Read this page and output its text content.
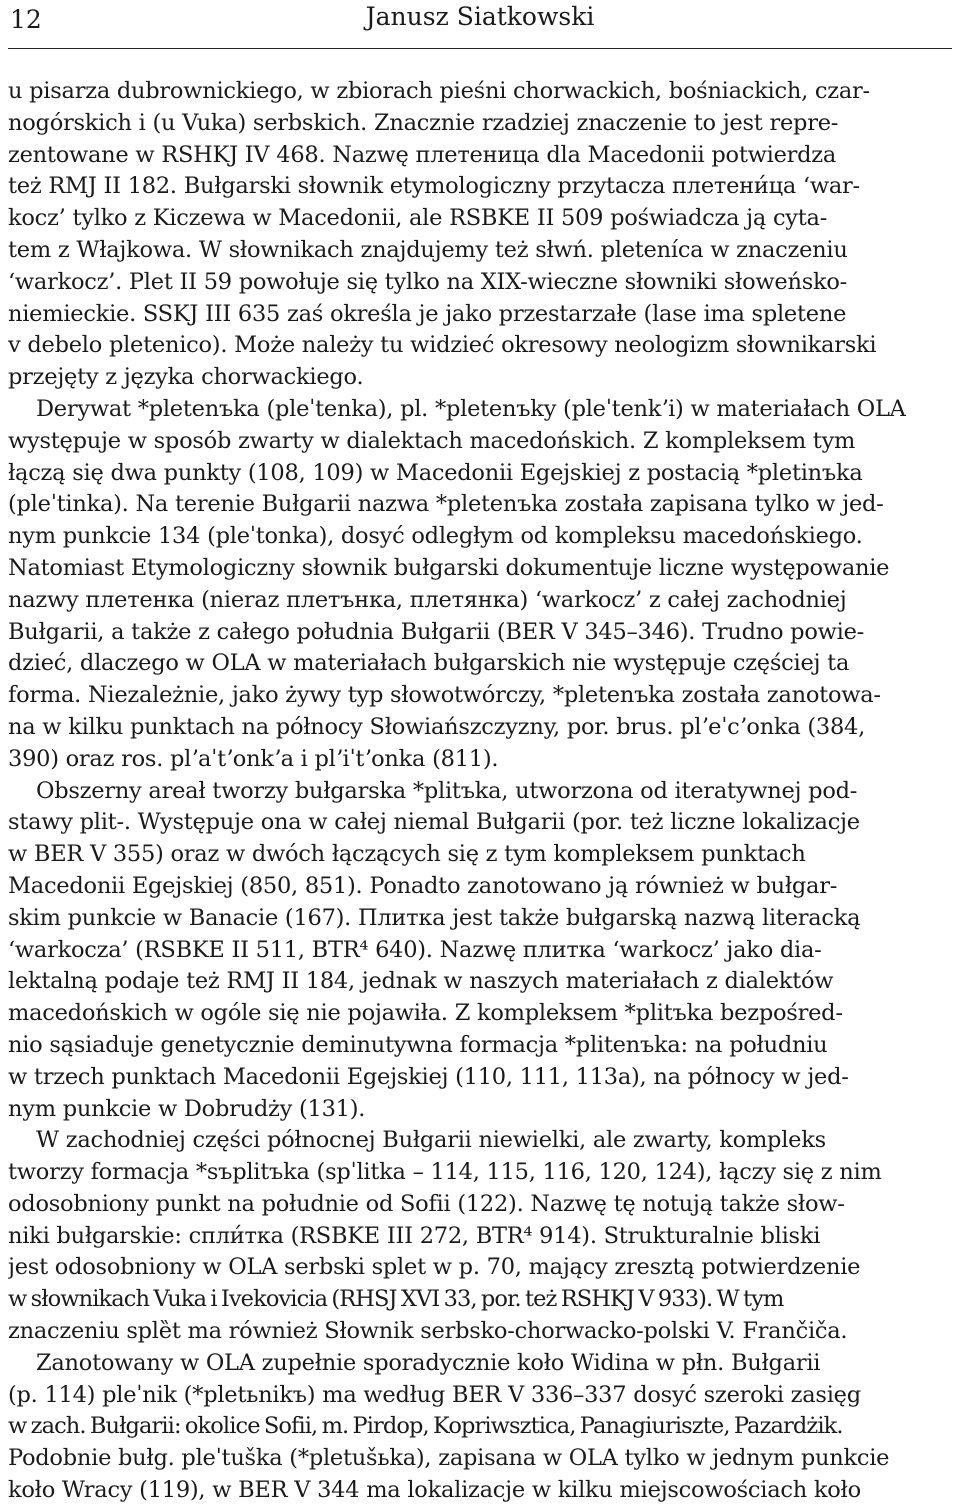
12	Janusz Siatkowski
u pisarza dubrownickiego, w zbiorach pieśni chorwackich, bośniackich, czar-
nogórskich i (u Vuka) serbskich. Znacznie rzadziej znaczenie to jest repre-
zentowane w RSHKJ IV 468. Nazwę плетеница dla Macedonii potwierdza
też RMJ II 182. Bułgarski słownik etymologiczny przytacza плетени́ца ‘war-
kocz’ tylko z Kiczewa w Macedonii, ale RSBKE II 509 poświadcza ją cyta-
tem z Włajkowa. W słownikach znajdujemy też słwń. pleteníca w znaczeniu
‘warkocz’. Plet II 59 powołuje się tylko na XIX-wieczne słowniki słoweńsko-
niemieckie. SSKJ III 635 zaś określa je jako przestarzałe (lase ima spletene
v debelo pletenico). Może należy tu widzieć okresowy neologizm słownikarski
przejęty z języka chorwackiego.
Derywat *pletenъka (pleˈtenka), pl. *pletenъky (pleˈtenkʼi) w materiałach OLA
występuje w sposób zwarty w dialektach macedońskich. Z kompleksem tym
łączą się dwa punkty (108, 109) w Macedonii Egejskiej z postacią *pletinъka
(pleˈtinka). Na terenie Bułgarii nazwa *pletenъka została zapisana tylko w jed-
nym punkcie 134 (pleˈtonka), dosyć odległym od kompleksu macedońskiego.
Natomiast Etymologiczny słownik bułgarski dokumentuje liczne występowanie
nazwy плетенка (nieraz плетънка, плетянка) ‘warkocz’ z całej zachodniej
Bułgarii, a także z całego południa Bułgarii (BER V 345–346). Trudno powie-
dzieć, dlaczego w OLA w materiałach bułgarskich nie występuje częściej ta
forma. Niezależnie, jako żywy typ słowotwórczy, *pletenъka została zanotowa-
na w kilku punktach na północy Słowiańszczyzny, por. brus. plʼeˈcʼonka (384,
390) oraz ros. plʼaˈtʼonkʼa i plʼiˈtʼonka (811).
Obszerny areał tworzy bułgarska *plitъka, utworzona od iteratywnej pod-
stawy plit-. Występuje ona w całej niemal Bułgarii (por. też liczne lokalizacje
w BER V 355) oraz w dwóch łączących się z tym kompleksem punktach
Macedonii Egejskiej (850, 851). Ponadto zanotowano ją również w bułgar-
skim punkcie w Banacie (167). Плитка jest także bułgarską nazwą literacką
‘warkocza’ (RSBKE II 511, BTR⁴ 640). Nazwę плитка ‘warkocz’ jako dia-
lektalną podaje też RMJ II 184, jednak w naszych materiałach z dialektów
macedońskich w ogóle się nie pojawiła. Z kompleksem *plitъka bezpośred-
nio sąsiaduje genetycznie deminutywna formacja *plitenъka: na południu
w trzech punktach Macedonii Egejskiej (110, 111, 113a), na północy w jed-
nym punkcie w Dobrudży (131).
W zachodniej części północnej Bułgarii niewielki, ale zwarty, kompleks
tworzy formacja *sъplitъka (spˈlitka – 114, 115, 116, 120, 124), łączy się z nim
odosobniony punkt na południe od Sofii (122). Nazwę tę notują także słow-
niki bułgarskie: спли́тка (RSBKE III 272, BTR⁴ 914). Strukturalnie bliski
jest odosobniony w OLA serbski splet w p. 70, mający zresztą potwierdzenie
w słownikach Vuka i Ivekovicia (RHSJ XVI 33, por. też RSHKJ V 933). W tym
znaczeniu splȅt ma również Słownik serbsko-chorwacko-polski V. Frančiča.
Zanotowany w OLA zupełnie sporadycznie koło Widina w płn. Bułgarii
(p. 114) pleˈnik (*pletьnikъ) ma według BER V 336–337 dosyć szeroki zasięg
w zach. Bułgarii: okolice Sofii, m. Pirdop, Kopriwsztica, Panagiuriszte, Pazardżik.
Podobnie bułg. pleˈtuška (*pletušьka), zapisana w OLA tylko w jednym punkcie
koło Wracy (119), w BER V 344 ma lokalizacje w kilku miejscowościach koło
